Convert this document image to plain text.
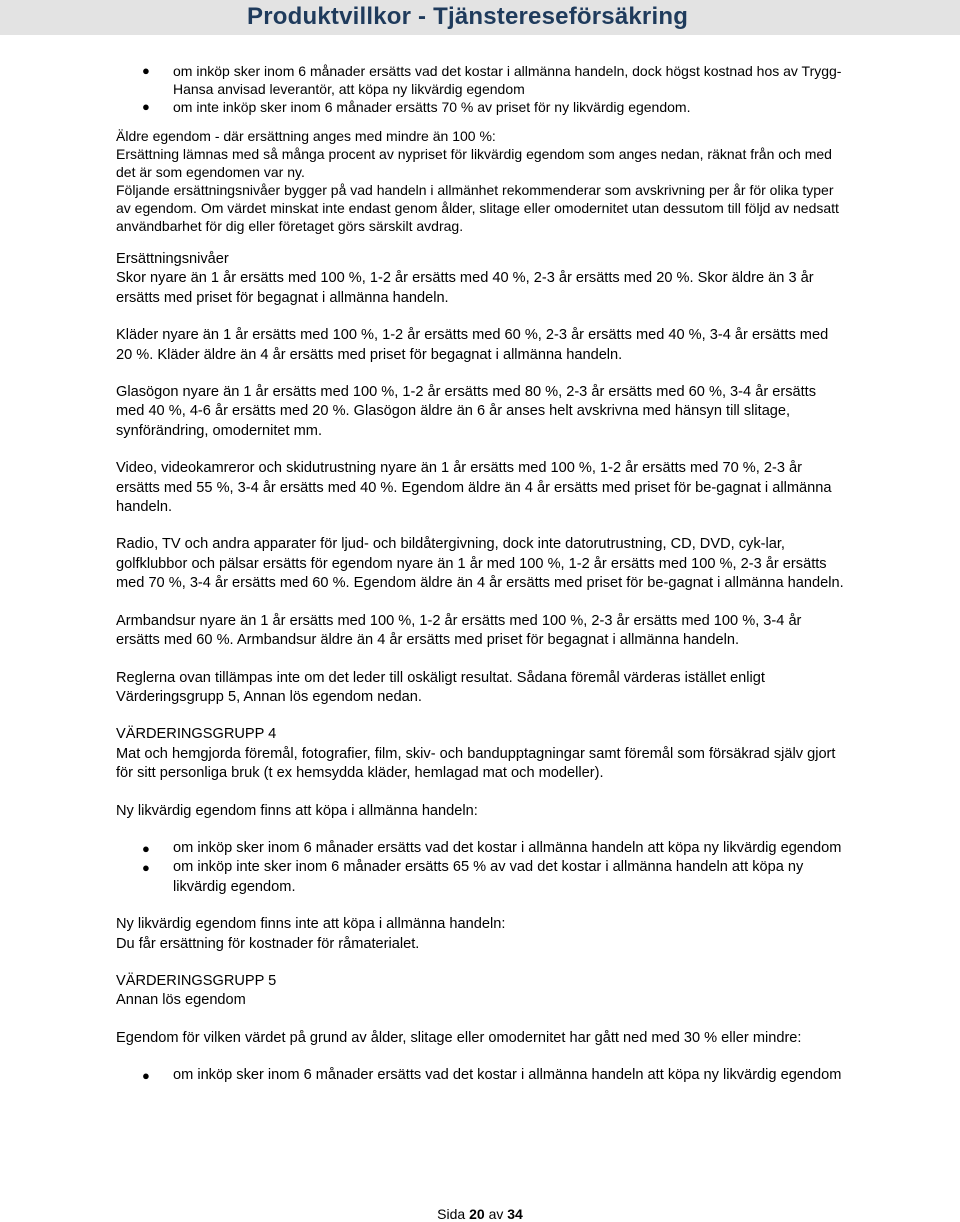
Produktvillkor - Tjänstereseförsäkring
● om inköp sker inom 6 månader ersätts vad det kostar i allmänna handeln, dock högst kostnad hos av Trygg-Hansa anvisad leverantör, att köpa ny likvärdig egendom
● om inte inköp sker inom 6 månader ersätts 70 % av priset för ny likvärdig egendom.

Äldre egendom - där ersättning anges med mindre än 100 %:

Ersättning lämnas med så många procent av nypriset för likvärdig egendom som anges nedan, räknat från och med det är som egendomen var ny.

Följande ersättningsnivåer bygger på vad handeln i allmänhet rekommenderar som avskrivning per år för olika typer av egendom. Om värdet minskat inte endast genom ålder, slitage eller omodernitet utan dessutom till följd av nedsatt användbarhet för dig eller företaget görs särskilt avdrag.

Ersättningsnivåer

Skor nyare än 1 år ersätts med 100 %, 1-2 år ersätts med 40 %, 2-3 år ersätts med 20 %. Skor äldre än 3 år ersätts med priset för begagnat i allmänna handeln.

Kläder nyare än 1 år ersätts med 100 %, 1-2 år ersätts med 60 %, 2-3 år ersätts med 40 %, 3-4 år ersätts med 20 %. Kläder äldre än 4 år ersätts med priset för begagnat i allmänna handeln.

Glasögon nyare än 1 år ersätts med 100 %, 1-2 år ersätts med 80 %, 2-3 år ersätts med 60 %, 3-4 år ersätts med 40 %, 4-6 år ersätts med 20 %. Glasögon äldre än 6 år anses helt avskrivna med hänsyn till slitage, synförändring, omodernitet mm.

Video, videokamreror och skidutrustning nyare än 1 år ersätts med 100 %, 1-2 år ersätts med 70 %, 2-3 år ersätts med 55 %, 3-4 år ersätts med 40 %. Egendom äldre än 4 år ersätts med priset för be-gagnat i allmänna handeln.

Radio, TV och andra apparater för ljud- och bildåtergivning, dock inte datorutrustning, CD, DVD, cyk-lar, golfklubbor och pälsar ersätts för egendom nyare än 1 år med 100 %, 1-2 år ersätts med 100 %, 2-3 år ersätts med 70 %, 3-4 år ersätts med 60 %. Egendom äldre än 4 år ersätts med priset för be-gagnat i allmänna handeln.

Armbandsur nyare än 1 år ersätts med 100 %, 1-2 år ersätts med 100 %, 2-3 år ersätts med 100 %, 3-4 år ersätts med 60 %. Armbandsur äldre än 4 år ersätts med priset för begagnat i allmänna handeln.

Reglerna ovan tillämpas inte om det leder till oskäligt resultat. Sådana föremål värderas istället enligt Värderingsgrupp 5, Annan lös egendom nedan.

VÄRDERINGSGRUPP 4

Mat och hemgjorda föremål, fotografier, film, skiv- och bandupptagningar samt föremål som försäkrad själv gjort för sitt personliga bruk (t ex hemsydda kläder, hemlagad mat och modeller).

Ny likvärdig egendom finns att köpa i allmänna handeln:

● om inköp sker inom 6 månader ersätts vad det kostar i allmänna handeln att köpa ny likvärdig egendom
● om inköp inte sker inom 6 månader ersätts 65 % av vad det kostar i allmänna handeln att köpa ny likvärdig egendom.

Ny likvärdig egendom finns inte att köpa i allmänna handeln:

Du får ersättning för kostnader för råmaterialet.

VÄRDERINGSGRUPP 5

Annan lös egendom

Egendom för vilken värdet på grund av ålder, slitage eller omodernitet har gått ned med 30 % eller mindre:

● om inköp sker inom 6 månader ersätts vad det kostar i allmänna handeln att köpa ny likvärdig egendom
Sida 20 av 34
